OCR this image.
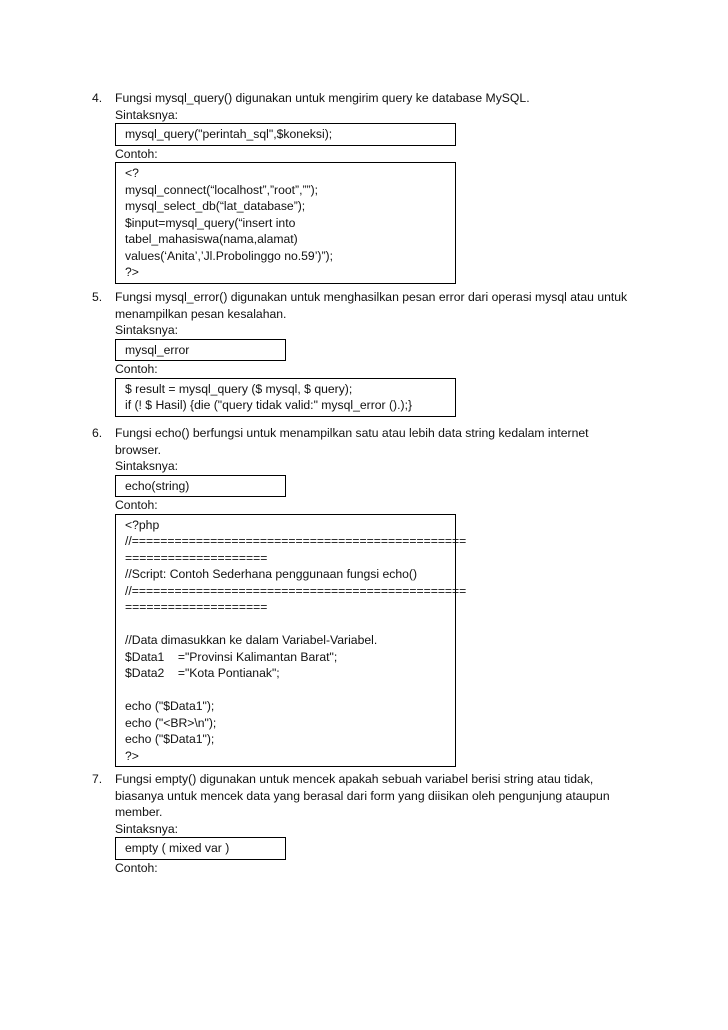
4.	Fungsi mysql_query() digunakan untuk mengirim query ke database MySQL.
Sintaksnya:
mysql_query("perintah_sql",$koneksi);
Contoh:
<?
mysql_connect(“localhost”,”root”,””);
mysql_select_db(“lat_database”);
$input=mysql_query(“insert into
tabel_mahasiswa(nama,alamat)
values(‘Anita’,’Jl.Probolinggo no.59’)”);
?>
5.	Fungsi mysql_error() digunakan untuk menghasilkan pesan error dari operasi mysql atau untuk
menampilkan pesan kesalahan.
Sintaksnya:
mysql_error
Contoh:
$ result = mysql_query ($ mysql, $ query);
if (! $ Hasil) {die ("query tidak valid:" mysql_error ().);}
6.	Fungsi echo() berfungsi untuk menampilkan satu atau lebih data string kedalam internet
browser.
Sintaksnya:
echo(string)
Contoh:
<?php
//===============================================
====================
//Script: Contoh Sederhana penggunaan fungsi echo()
//===============================================
====================
//Data dimasukkan ke dalam Variabel-Variabel.
$Data1    ="Provinsi Kalimantan Barat";
$Data2    ="Kota Pontianak";
echo ("$Data1");
echo ("<BR>\n");
echo ("$Data1");
?>
7.	Fungsi empty() digunakan untuk mencek apakah sebuah variabel berisi string atau tidak,
biasanya untuk mencek data yang berasal dari form yang diisikan oleh pengunjung ataupun
member.
Sintaksnya:
empty ( mixed var )
Contoh:
